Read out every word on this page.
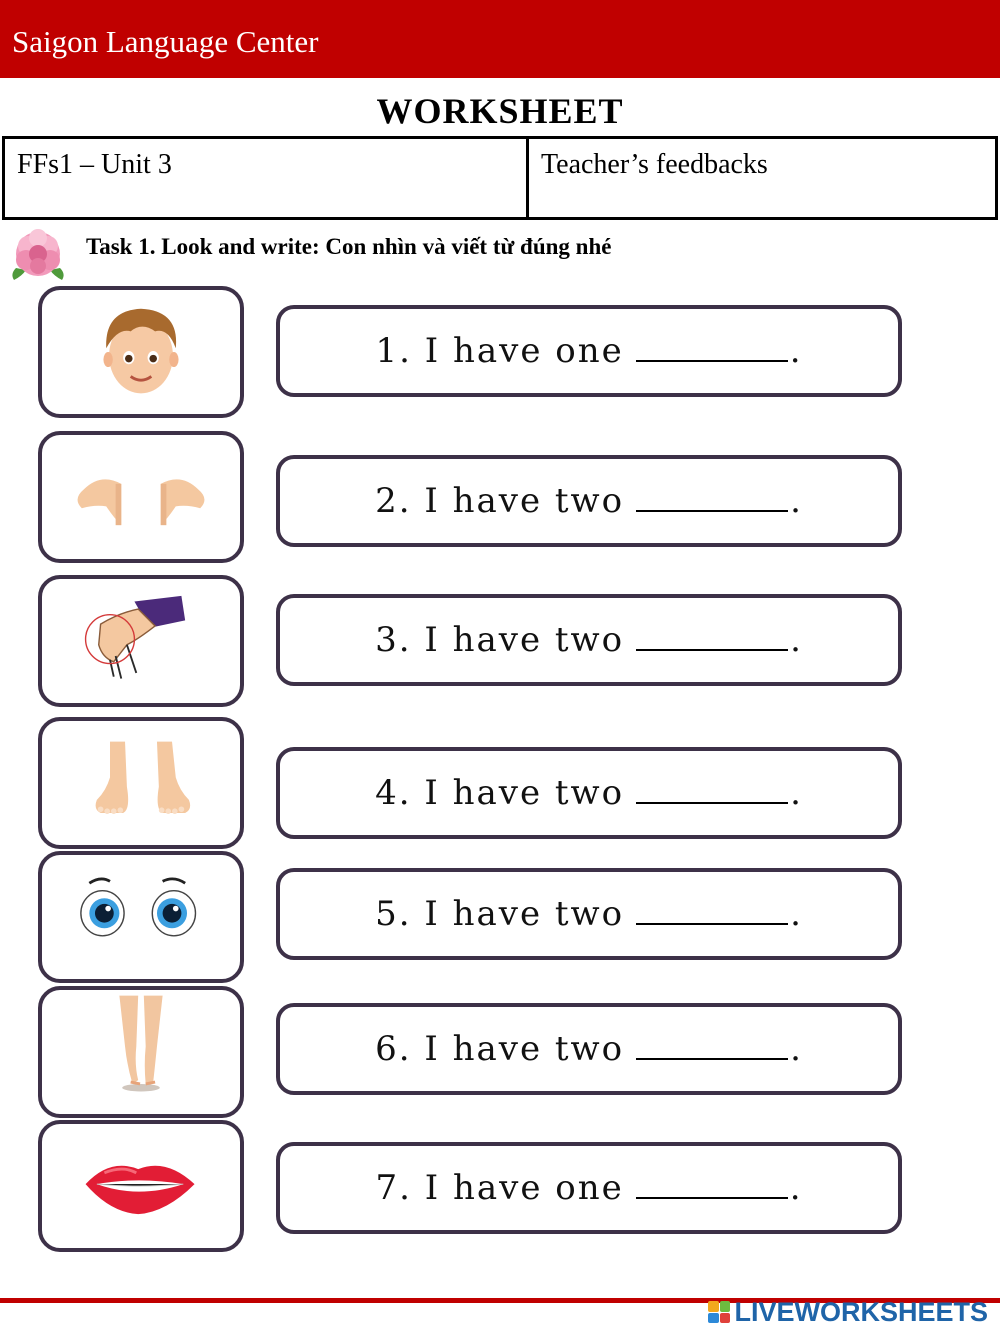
Saigon Language Center
WORKSHEET
FFs1 – Unit 3	Teacher’s feedbacks
Task 1. Look and write: Con nhìn và viết từ đúng nhé
1. I have one	.
2. I have two	.
3. I have two	.
4. I have two	.
5. I have two	.
6. I have two	.
7. I have one	.
LIVEWORKSHEETS
